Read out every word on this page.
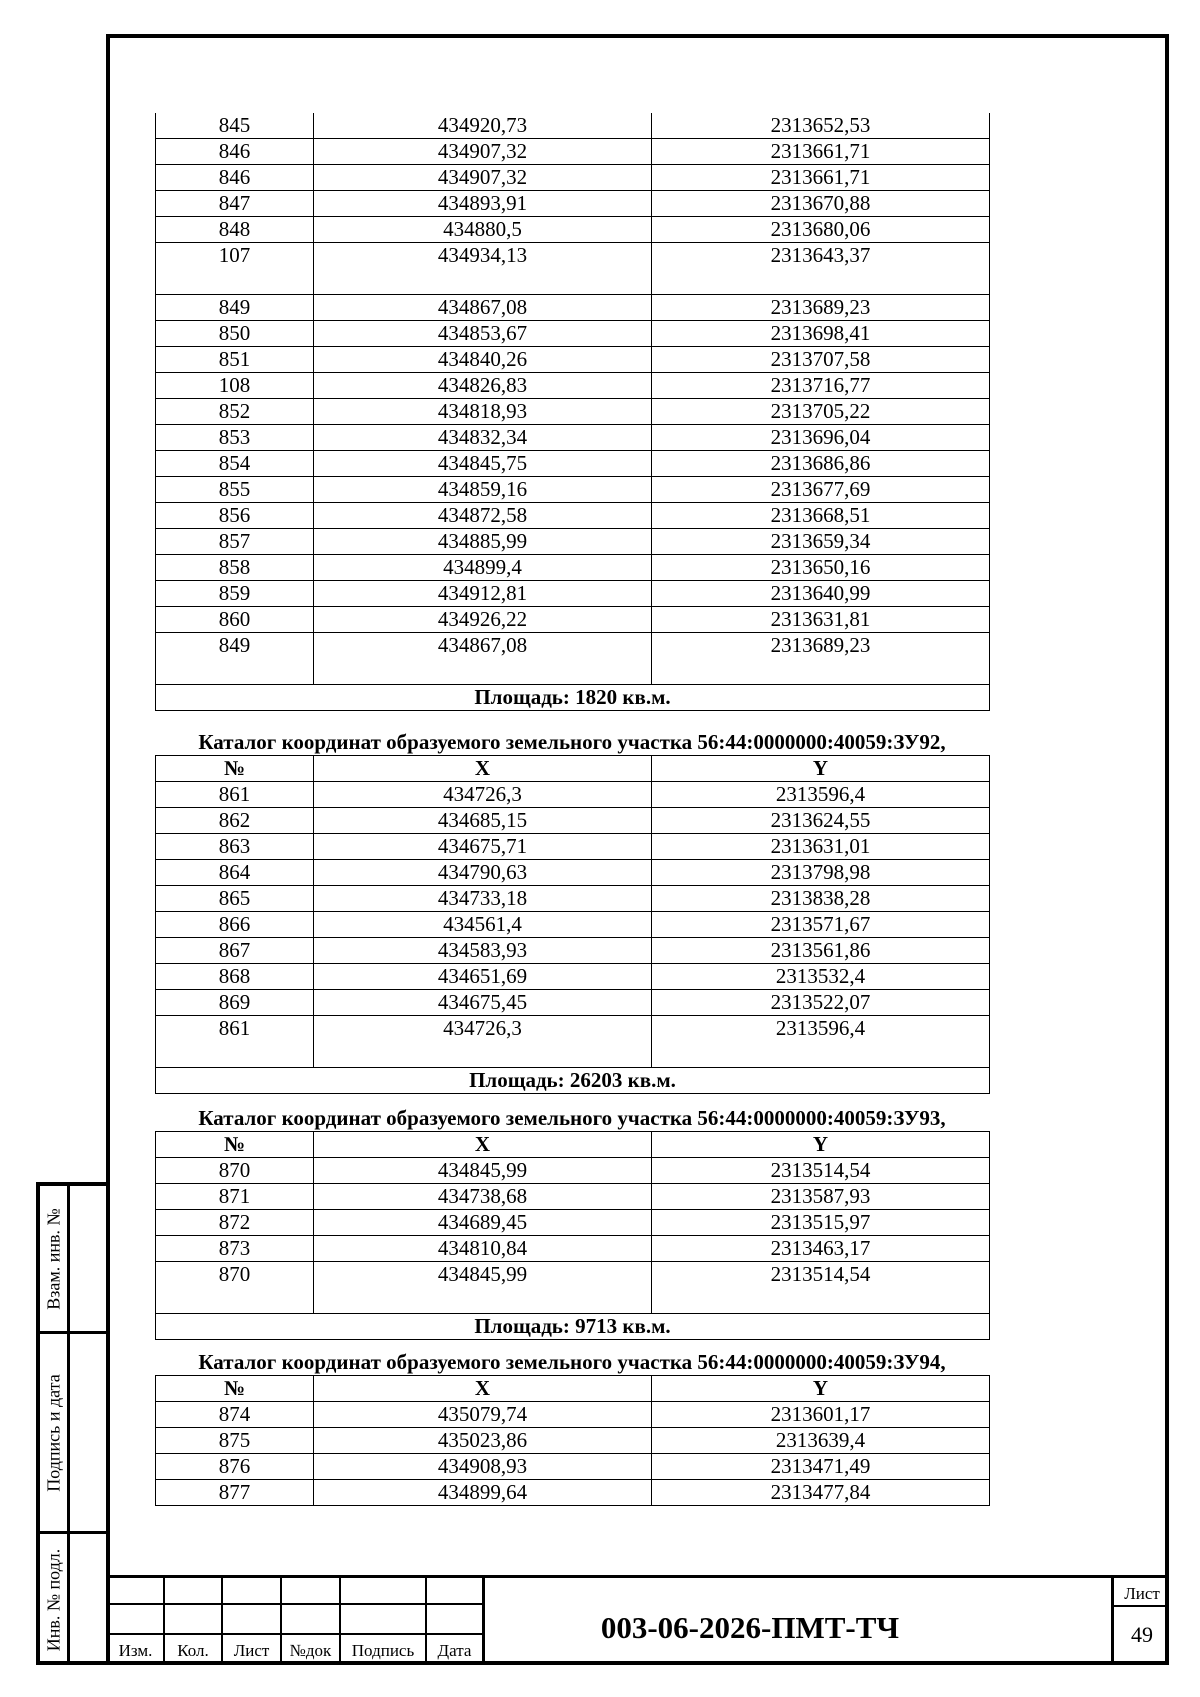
Взам. инв. №
Подпись и дата
Инв. № подл.
845	434920,73	2313652,53
846	434907,32	2313661,71
846	434907,32	2313661,71
847	434893,91	2313670,88
848	434880,5	2313680,06
107	434934,13	2313643,37
849	434867,08	2313689,23
850	434853,67	2313698,41
851	434840,26	2313707,58
108	434826,83	2313716,77
852	434818,93	2313705,22
853	434832,34	2313696,04
854	434845,75	2313686,86
855	434859,16	2313677,69
856	434872,58	2313668,51
857	434885,99	2313659,34
858	434899,4	2313650,16
859	434912,81	2313640,99
860	434926,22	2313631,81
849	434867,08	2313689,23
Площадь: 1820 кв.м.		
Каталог координат образуемого земельного участка 56:44:0000000:40059:ЗУ92,
№	X	Y
861	434726,3	2313596,4
862	434685,15	2313624,55
863	434675,71	2313631,01
864	434790,63	2313798,98
865	434733,18	2313838,28
866	434561,4	2313571,67
867	434583,93	2313561,86
868	434651,69	2313532,4
869	434675,45	2313522,07
861	434726,3	2313596,4
Площадь: 26203 кв.м.		
Каталог координат образуемого земельного участка 56:44:0000000:40059:ЗУ93,
№	X	Y
870	434845,99	2313514,54
871	434738,68	2313587,93
872	434689,45	2313515,97
873	434810,84	2313463,17
870	434845,99	2313514,54
Площадь: 9713 кв.м.		
Каталог координат образуемого земельного участка 56:44:0000000:40059:ЗУ94,
№	X	Y
874	435079,74	2313601,17
875	435023,86	2313639,4
876	434908,93	2313471,49
877	434899,64	2313477,84
Изм.	Кол.	Лист	№док	Подпись	Дата
003-06-2026-ПМТ-ТЧ
Лист
49
